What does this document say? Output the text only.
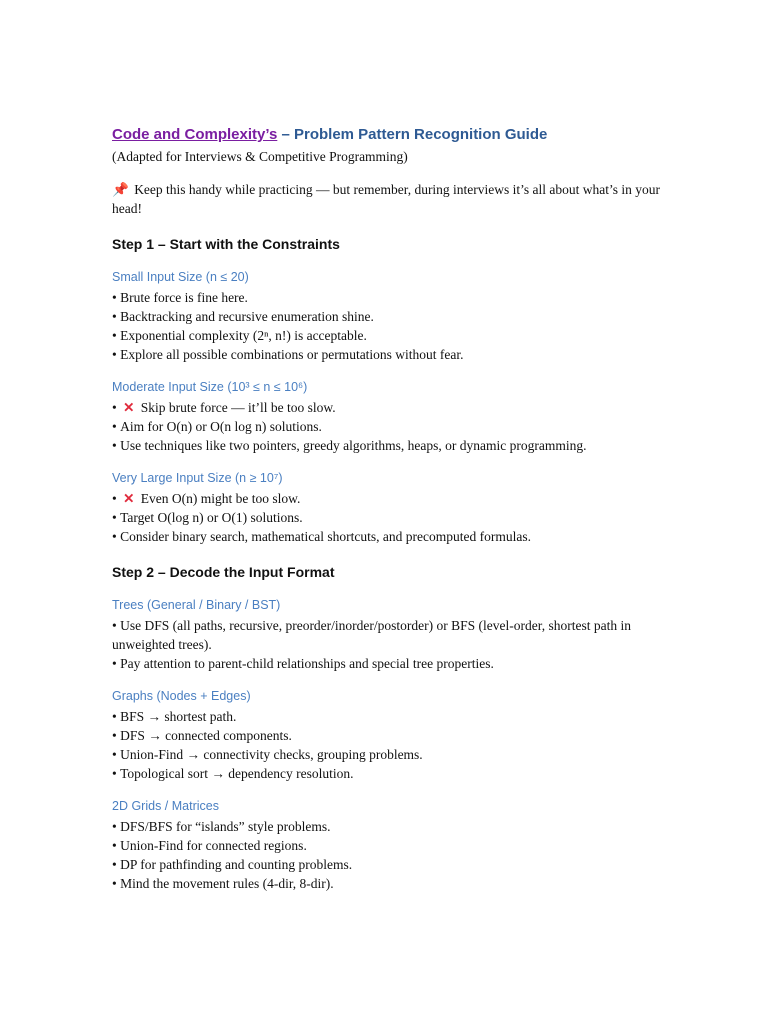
Code and Complexity’s – Problem Pattern Recognition Guide

(Adapted for Interviews & Competitive Programming)

📌 Keep this handy while practicing — but remember, during interviews it’s all about what’s in your head!

Step 1 – Start with the Constraints

Small Input Size (n ≤ 20)

• Brute force is fine here.
• Backtracking and recursive enumeration shine.
• Exponential complexity (2ⁿ, n!) is acceptable.
• Explore all possible combinations or permutations without fear.

Moderate Input Size (10³ ≤ n ≤ 10⁶)

• ✕ Skip brute force — it’ll be too slow.
• Aim for O(n) or O(n log n) solutions.
• Use techniques like two pointers, greedy algorithms, heaps, or dynamic programming.

Very Large Input Size (n ≥ 10⁷)

• ✕ Even O(n) might be too slow.
• Target O(log n) or O(1) solutions.
• Consider binary search, mathematical shortcuts, and precomputed formulas.

Step 2 – Decode the Input Format

Trees (General / Binary / BST)

• Use DFS (all paths, recursive, preorder/inorder/postorder) or BFS (level-order, shortest path in unweighted trees).
• Pay attention to parent-child relationships and special tree properties.

Graphs (Nodes + Edges)

• BFS → shortest path.
• DFS → connected components.
• Union-Find → connectivity checks, grouping problems.
• Topological sort → dependency resolution.

2D Grids / Matrices

• DFS/BFS for “islands” style problems.
• Union-Find for connected regions.
• DP for pathfinding and counting problems.
• Mind the movement rules (4-dir, 8-dir).
